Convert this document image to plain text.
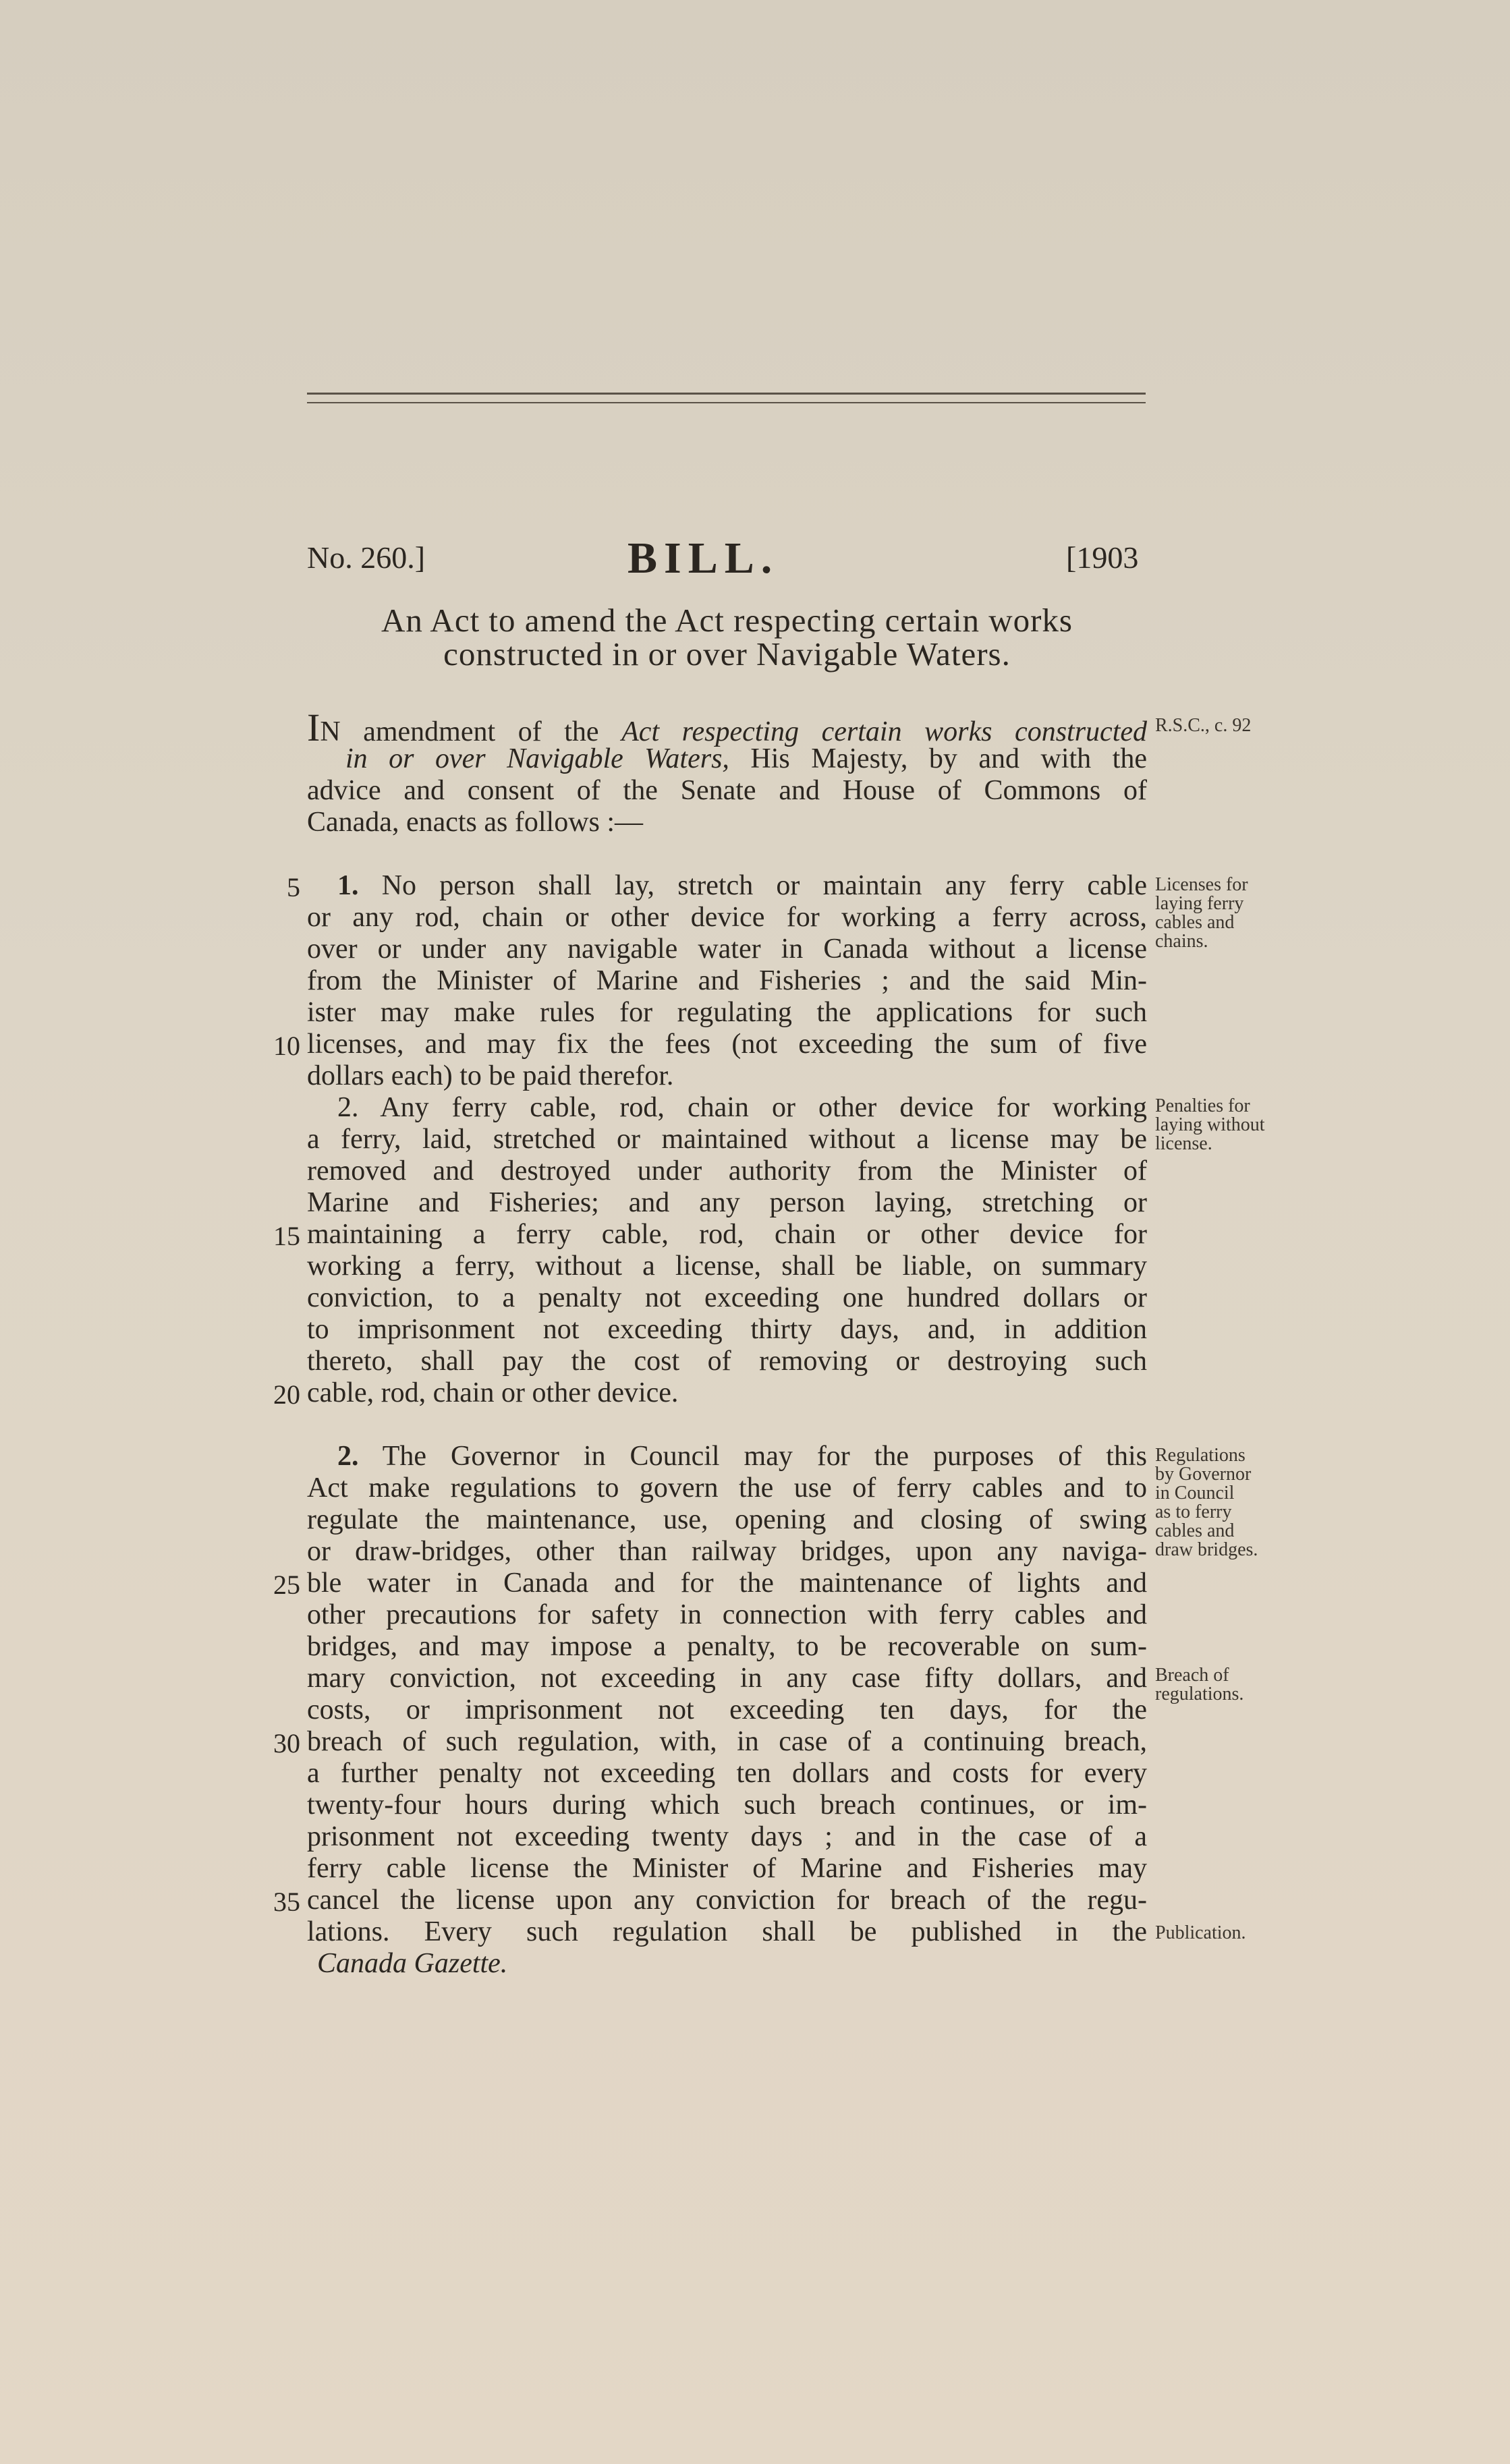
No. 260.]	BILL.	[1903
An Act to amend the Act respecting certain works
constructed in or over Navigable Waters.
IN amendment of the Act respecting certain works constructed
in or over Navigable Waters, His Majesty, by and with the
advice and consent of the Senate and House of Commons of
Canada, enacts as follows :—
1. No person shall lay, stretch or maintain any ferry cable
or any rod, chain or other device for working a ferry across,
over or under any navigable water in Canada without a license
from the Minister of Marine and Fisheries ; and the said Min-
ister may make rules for regulating the applications for such
licenses, and may fix the fees (not exceeding the sum of five
dollars each) to be paid therefor.
2. Any ferry cable, rod, chain or other device for working
a ferry, laid, stretched or maintained without a license may be
removed and destroyed under authority from the Minister of
Marine and Fisheries; and any person laying, stretching or
maintaining a ferry cable, rod, chain or other device for
working a ferry, without a license, shall be liable, on summary
conviction, to a penalty not exceeding one hundred dollars or
to imprisonment not exceeding thirty days, and, in addition
thereto, shall pay the cost of removing or destroying such
cable, rod, chain or other device.
2. The Governor in Council may for the purposes of this
Act make regulations to govern the use of ferry cables and to
regulate the maintenance, use, opening and closing of swing
or draw-bridges, other than railway bridges, upon any naviga-
ble water in Canada and for the maintenance of lights and
other precautions for safety in connection with ferry cables and
bridges, and may impose a penalty, to be recoverable on sum-
mary conviction, not exceeding in any case fifty dollars, and
costs, or imprisonment not exceeding ten days, for the
breach of such regulation, with, in case of a continuing breach,
a further penalty not exceeding ten dollars and costs for every
twenty-four hours during which such breach continues, or im-
prisonment not exceeding twenty days ; and in the case of a
ferry cable license the Minister of Marine and Fisheries may
cancel the license upon any conviction for breach of the regu-
lations. Every such regulation shall be published in the
Canada Gazette.
5
10
15
20
25
30
35
R.S.C., c. 92
Licenses for
laying ferry
cables and
chains.
Penalties for
laying without
license.
Regulations
by Governor
in Council
as to ferry
cables and
draw bridges.
Breach of
regulations.
Publication.
